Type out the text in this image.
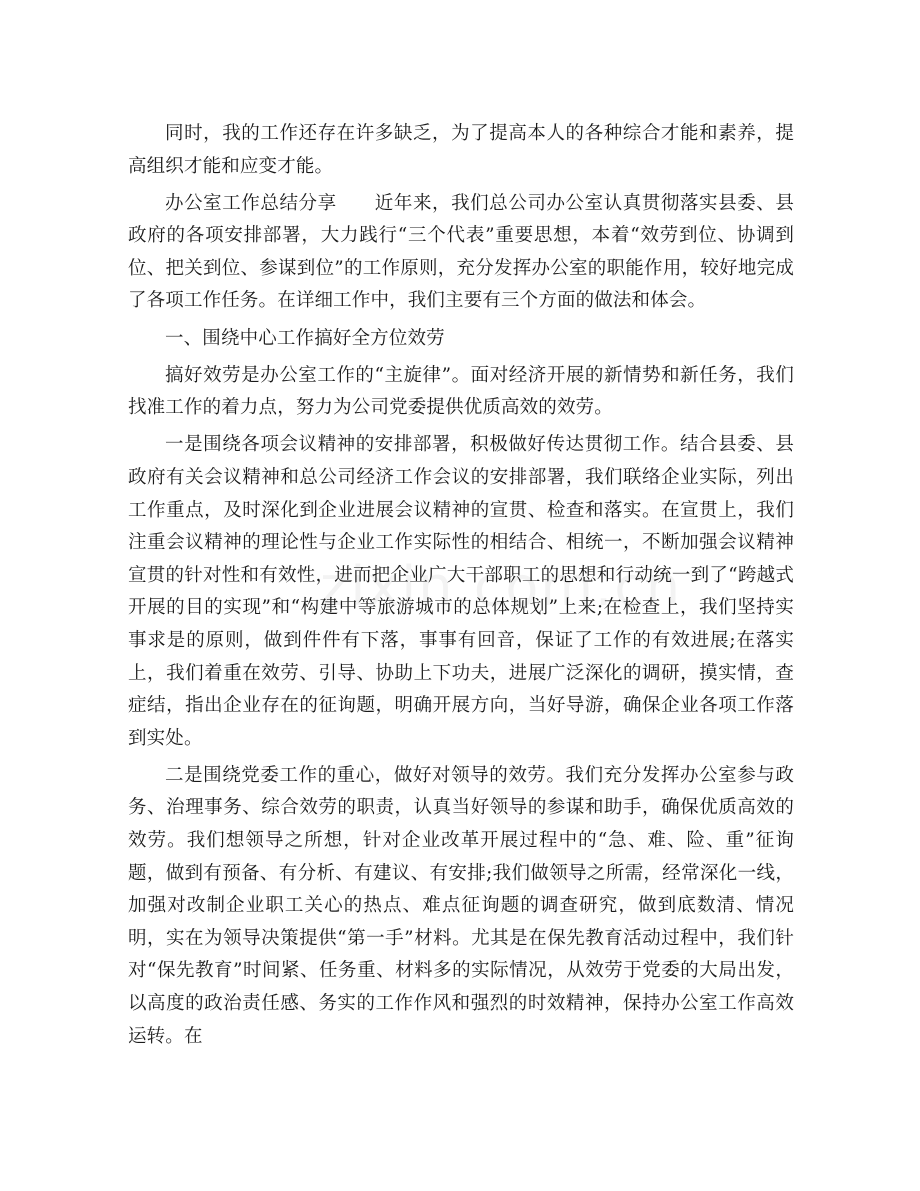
同时，我的工作还存在许多缺乏，为了提高本人的各种综合才能和素养，提高组织才能和应变才能。

办公室工作总结分享　　近年来，我们总公司办公室认真贯彻落实县委、县政府的各项安排部署，大力践行“三个代表”重要思想，本着“效劳到位、协调到位、把关到位、参谋到位”的工作原则，充分发挥办公室的职能作用，较好地完成了各项工作任务。在详细工作中，我们主要有三个方面的做法和体会。

一、围绕中心工作搞好全方位效劳

搞好效劳是办公室工作的“主旋律”。面对经济开展的新情势和新任务，我们找准工作的着力点，努力为公司党委提供优质高效的效劳。

一是围绕各项会议精神的安排部署，积极做好传达贯彻工作。结合县委、县政府有关会议精神和总公司经济工作会议的安排部署，我们联络企业实际，列出工作重点，及时深化到企业进展会议精神的宣贯、检查和落实。在宣贯上，我们注重会议精神的理论性与企业工作实际性的相结合、相统一，不断加强会议精神宣贯的针对性和有效性，进而把企业广大干部职工的思想和行动统一到了“跨越式开展的目的实现”和“构建中等旅游城市的总体规划”上来;在检查上，我们坚持实事求是的原则，做到件件有下落，事事有回音，保证了工作的有效进展;在落实上，我们着重在效劳、引导、协助上下功夫，进展广泛深化的调研，摸实情，查症结，指出企业存在的征询题，明确开展方向，当好导游，确保企业各项工作落到实处。

二是围绕党委工作的重心，做好对领导的效劳。我们充分发挥办公室参与政务、治理事务、综合效劳的职责，认真当好领导的参谋和助手，确保优质高效的效劳。我们想领导之所想，针对企业改革开展过程中的“急、难、险、重”征询题，做到有预备、有分析、有建议、有安排;我们做领导之所需，经常深化一线，加强对改制企业职工关心的热点、难点征询题的调查研究，做到底数清、情况明，实在为领导决策提供“第一手”材料。尤其是在保先教育活动过程中，我们针对“保先教育”时间紧、任务重、材料多的实际情况，从效劳于党委的大局出发，以高度的政治责任感、务实的工作作风和强烈的时效精神，保持办公室工作高效运转。在
